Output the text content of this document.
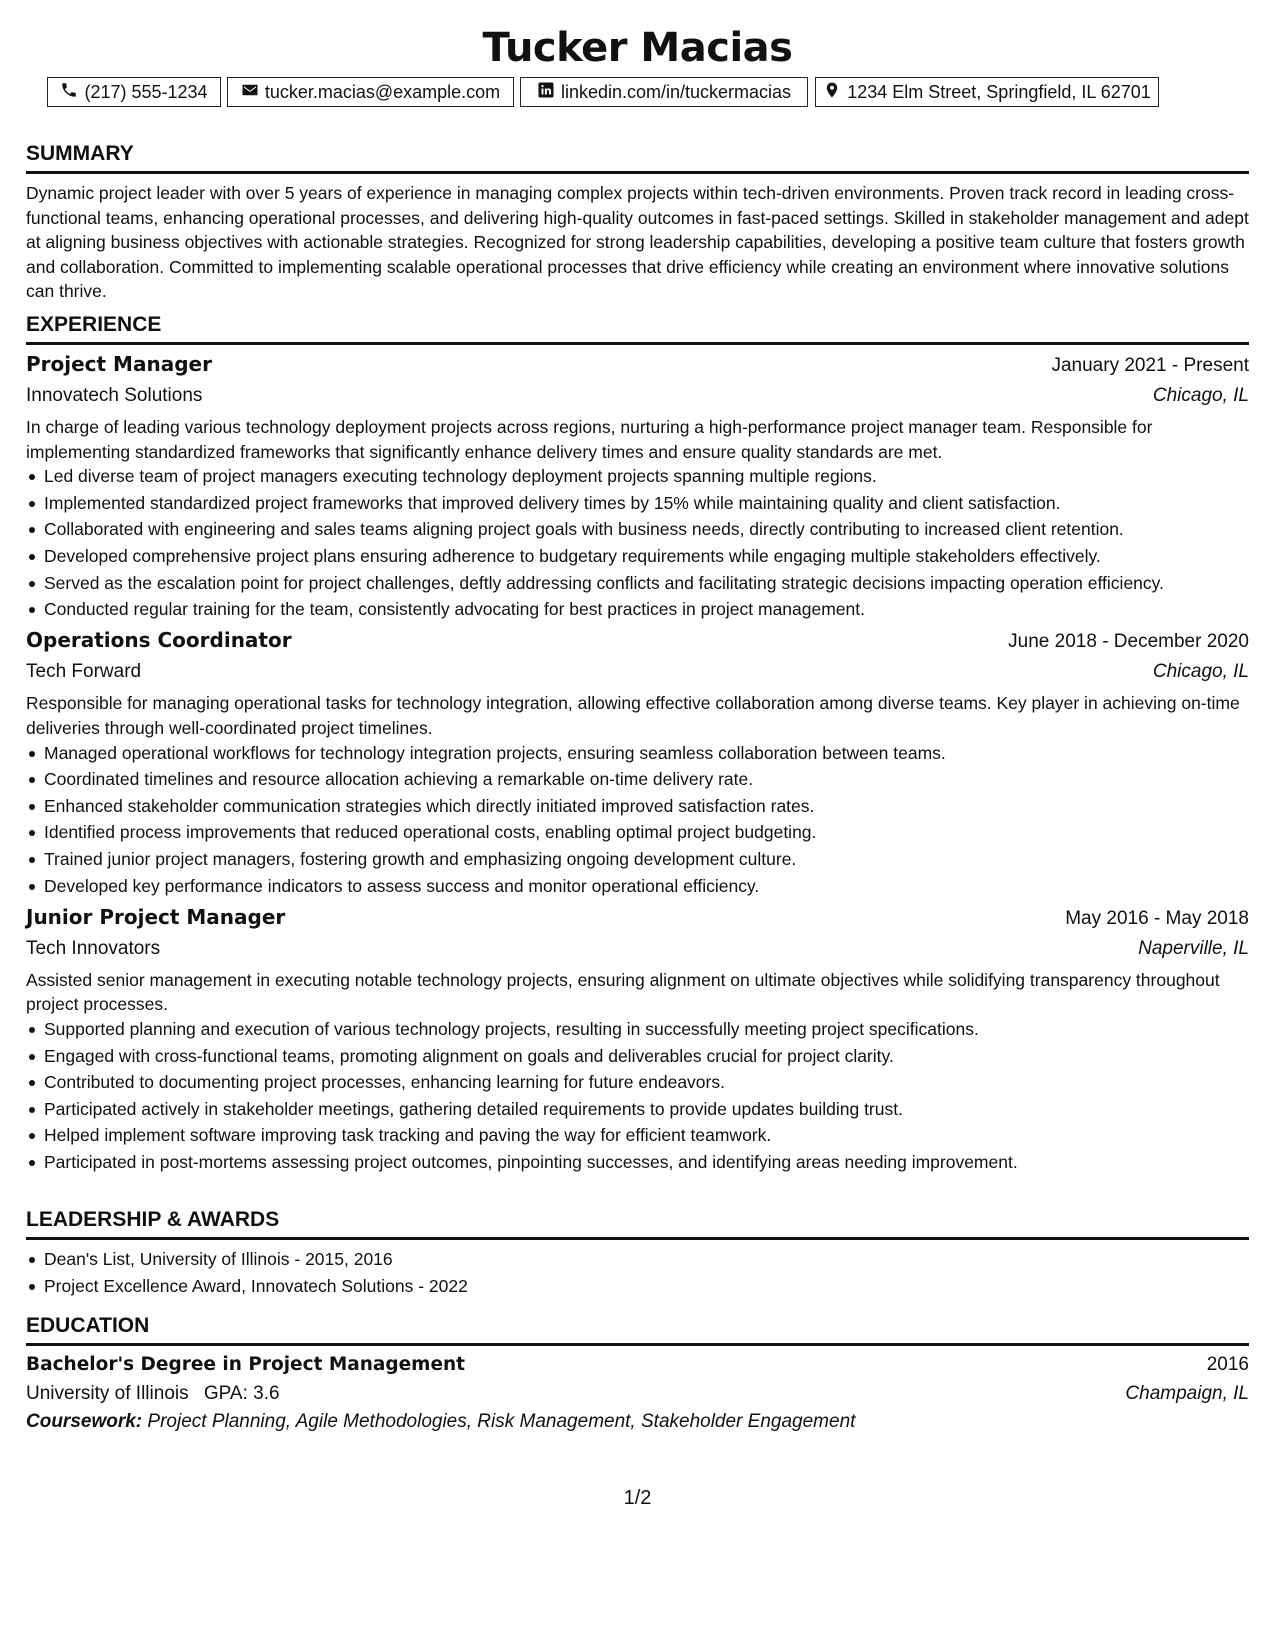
Tucker Macias
(217) 555-1234	tucker.macias@example.com	linkedin.com/in/tuckermacias	1234 Elm Street, Springfield, IL 62701
SUMMARY
Dynamic project leader with over 5 years of experience in managing complex projects within tech-driven environments. Proven track record in leading cross-functional teams, enhancing operational processes, and delivering high-quality outcomes in fast-paced settings. Skilled in stakeholder management and adept at aligning business objectives with actionable strategies. Recognized for strong leadership capabilities, developing a positive team culture that fosters growth and collaboration. Committed to implementing scalable operational processes that drive efficiency while creating an environment where innovative solutions can thrive.
EXPERIENCE
Project Manager	January 2021 - Present
Innovatech Solutions	Chicago, IL
In charge of leading various technology deployment projects across regions, nurturing a high-performance project manager team. Responsible for implementing standardized frameworks that significantly enhance delivery times and ensure quality standards are met.
Led diverse team of project managers executing technology deployment projects spanning multiple regions.
Implemented standardized project frameworks that improved delivery times by 15% while maintaining quality and client satisfaction.
Collaborated with engineering and sales teams aligning project goals with business needs, directly contributing to increased client retention.
Developed comprehensive project plans ensuring adherence to budgetary requirements while engaging multiple stakeholders effectively.
Served as the escalation point for project challenges, deftly addressing conflicts and facilitating strategic decisions impacting operation efficiency.
Conducted regular training for the team, consistently advocating for best practices in project management.
Operations Coordinator	June 2018 - December 2020
Tech Forward	Chicago, IL
Responsible for managing operational tasks for technology integration, allowing effective collaboration among diverse teams. Key player in achieving on-time deliveries through well-coordinated project timelines.
Managed operational workflows for technology integration projects, ensuring seamless collaboration between teams.
Coordinated timelines and resource allocation achieving a remarkable on-time delivery rate.
Enhanced stakeholder communication strategies which directly initiated improved satisfaction rates.
Identified process improvements that reduced operational costs, enabling optimal project budgeting.
Trained junior project managers, fostering growth and emphasizing ongoing development culture.
Developed key performance indicators to assess success and monitor operational efficiency.
Junior Project Manager	May 2016 - May 2018
Tech Innovators	Naperville, IL
Assisted senior management in executing notable technology projects, ensuring alignment on ultimate objectives while solidifying transparency throughout project processes.
Supported planning and execution of various technology projects, resulting in successfully meeting project specifications.
Engaged with cross-functional teams, promoting alignment on goals and deliverables crucial for project clarity.
Contributed to documenting project processes, enhancing learning for future endeavors.
Participated actively in stakeholder meetings, gathering detailed requirements to provide updates building trust.
Helped implement software improving task tracking and paving the way for efficient teamwork.
Participated in post-mortems assessing project outcomes, pinpointing successes, and identifying areas needing improvement.
LEADERSHIP & AWARDS
Dean's List, University of Illinois - 2015, 2016
Project Excellence Award, Innovatech Solutions - 2022
EDUCATION
Bachelor's Degree in Project Management	2016
University of Illinois GPA: 3.6	Champaign, IL
Coursework: Project Planning, Agile Methodologies, Risk Management, Stakeholder Engagement
1/2
